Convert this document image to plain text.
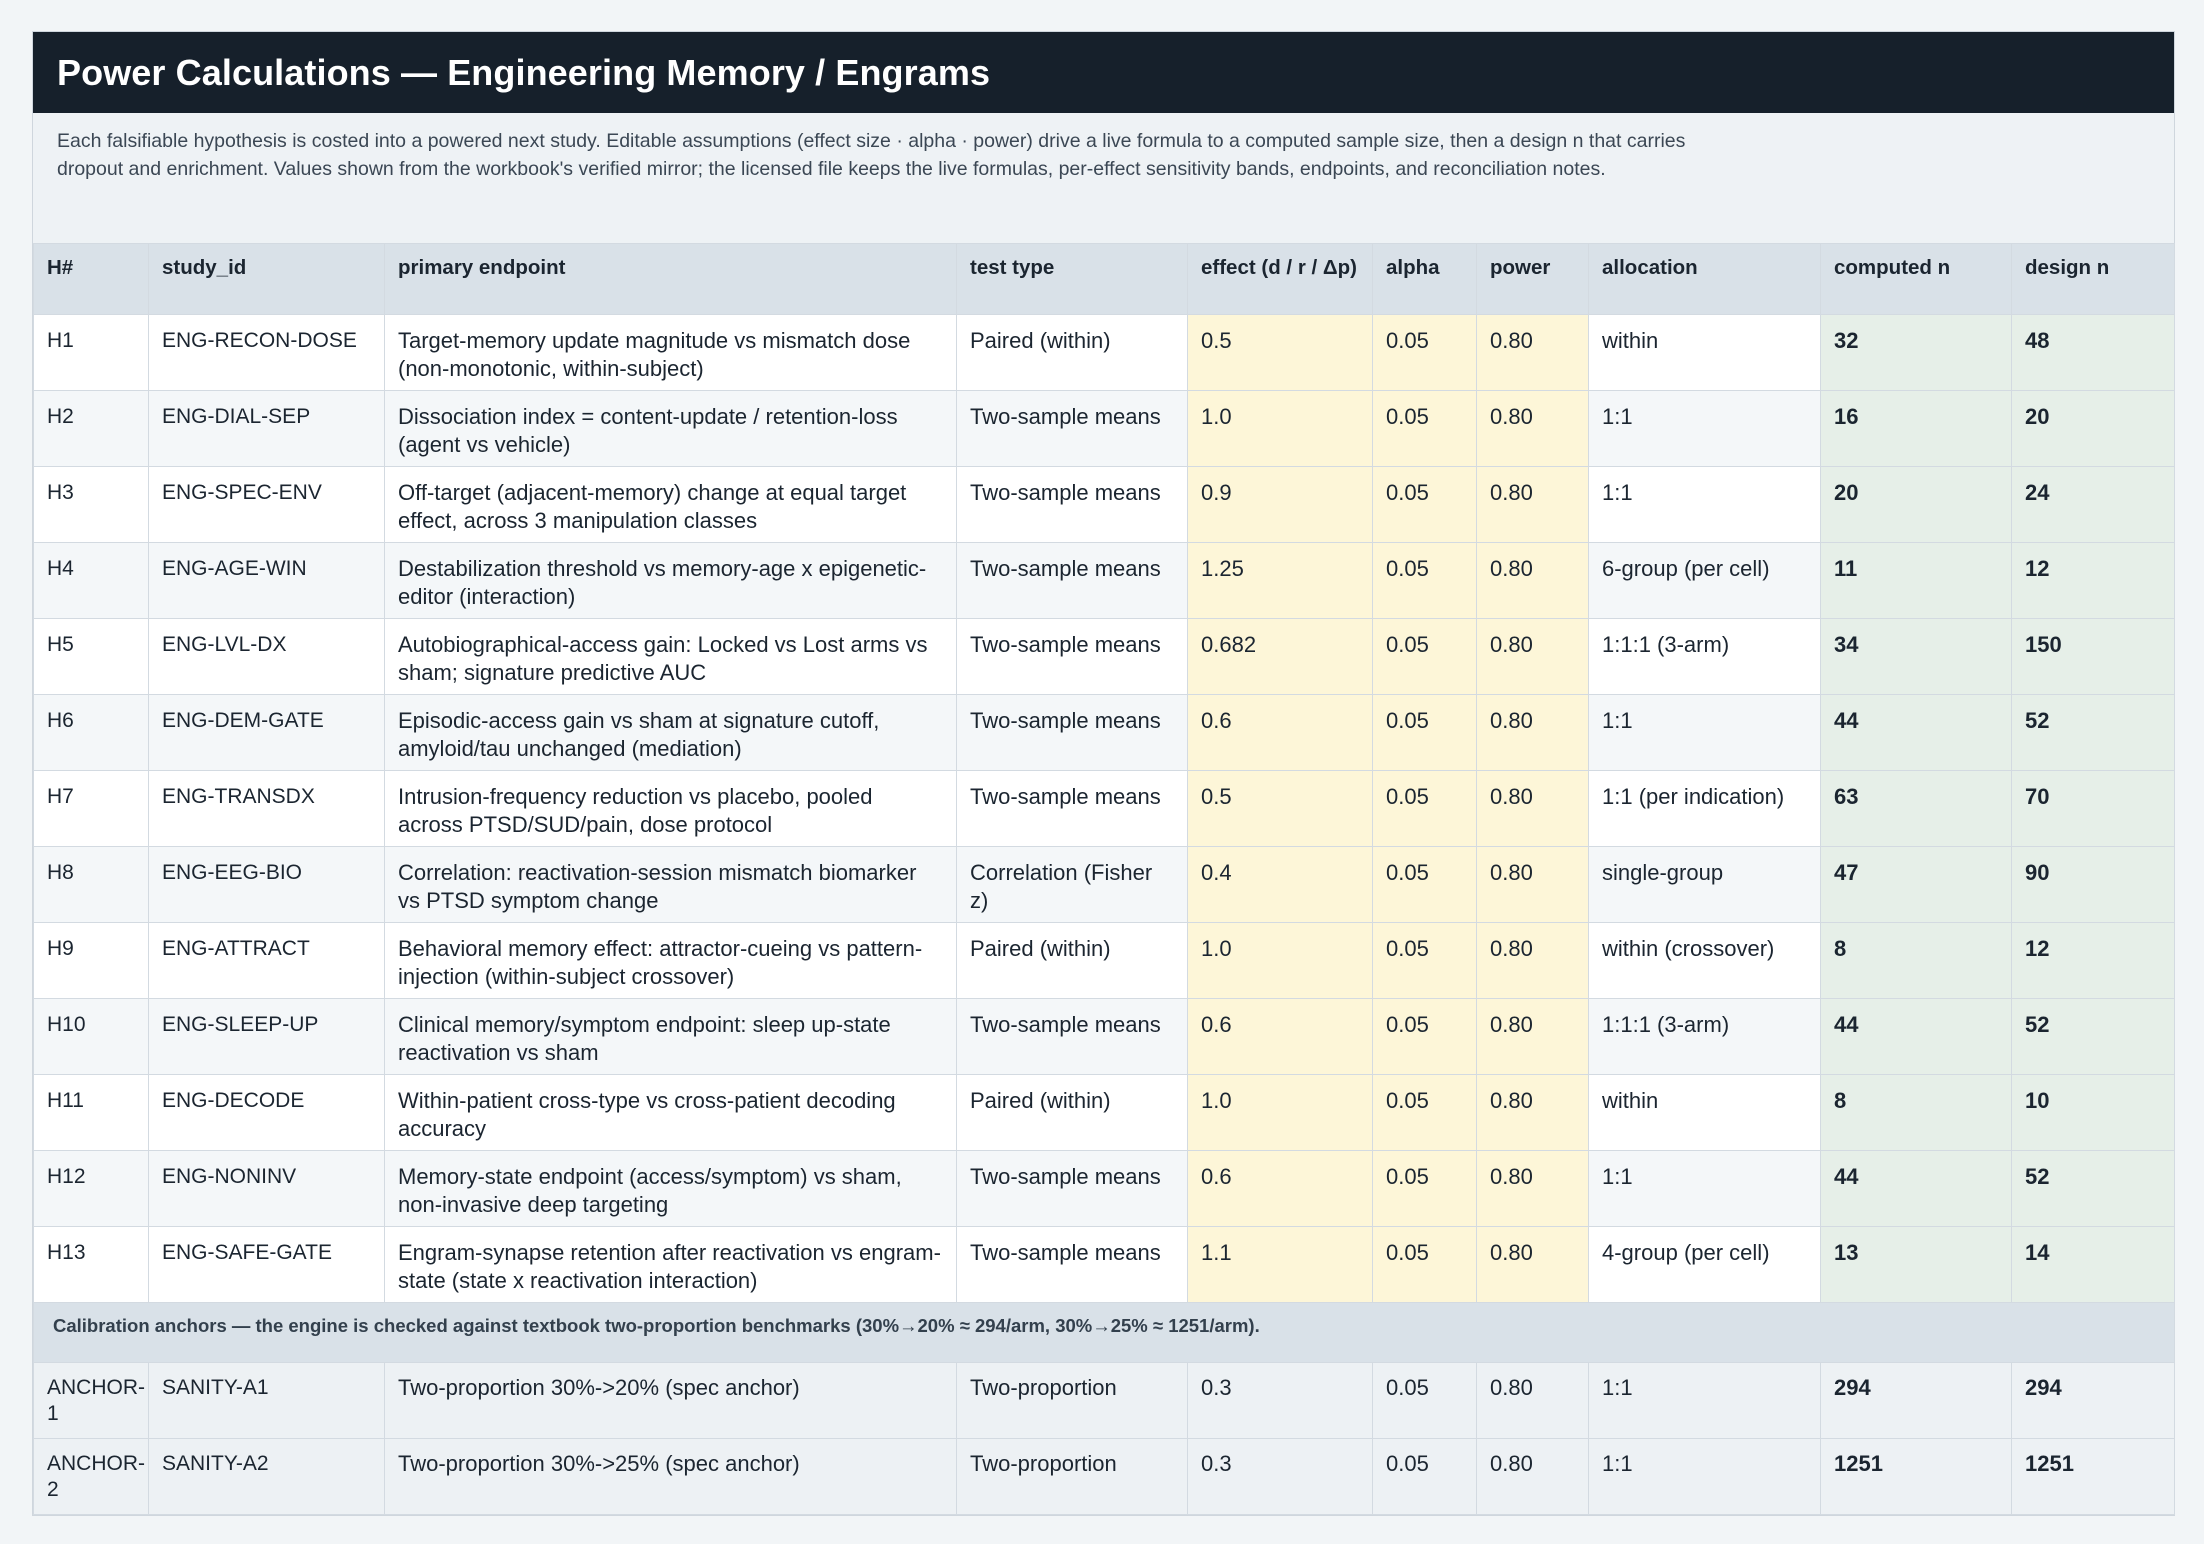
Power Calculations — Engineering Memory / Engrams
Each falsifiable hypothesis is costed into a powered next study. Editable assumptions (effect size · alpha · power) drive a live formula to a computed sample size, then a design n that carries dropout and enrichment. Values shown from the workbook's verified mirror; the licensed file keeps the live formulas, per-effect sensitivity bands, endpoints, and reconciliation notes.
H#	study_id	primary endpoint	test type	effect (d / r / Δp)	alpha	power	allocation	computed n	design n
H1	ENG-RECON-DOSE	Target-memory update magnitude vs mismatch dose (non-monotonic, within-subject)	Paired (within)	0.5	0.05	0.80	within	32	48
H2	ENG-DIAL-SEP	Dissociation index = content-update / retention-loss (agent vs vehicle)	Two-sample means	1.0	0.05	0.80	1:1	16	20
H3	ENG-SPEC-ENV	Off-target (adjacent-memory) change at equal target effect, across 3 manipulation classes	Two-sample means	0.9	0.05	0.80	1:1	20	24
H4	ENG-AGE-WIN	Destabilization threshold vs memory-age x epigenetic-editor (interaction)	Two-sample means	1.25	0.05	0.80	6-group (per cell)	11	12
H5	ENG-LVL-DX	Autobiographical-access gain: Locked vs Lost arms vs sham; signature predictive AUC	Two-sample means	0.682	0.05	0.80	1:1:1 (3-arm)	34	150
H6	ENG-DEM-GATE	Episodic-access gain vs sham at signature cutoff, amyloid/tau unchanged (mediation)	Two-sample means	0.6	0.05	0.80	1:1	44	52
H7	ENG-TRANSDX	Intrusion-frequency reduction vs placebo, pooled across PTSD/SUD/pain, dose protocol	Two-sample means	0.5	0.05	0.80	1:1 (per indication)	63	70
H8	ENG-EEG-BIO	Correlation: reactivation-session mismatch biomarker vs PTSD symptom change	Correlation (Fisher z)	0.4	0.05	0.80	single-group	47	90
H9	ENG-ATTRACT	Behavioral memory effect: attractor-cueing vs pattern-injection (within-subject crossover)	Paired (within)	1.0	0.05	0.80	within (crossover)	8	12
H10	ENG-SLEEP-UP	Clinical memory/symptom endpoint: sleep up-state reactivation vs sham	Two-sample means	0.6	0.05	0.80	1:1:1 (3-arm)	44	52
H11	ENG-DECODE	Within-patient cross-type vs cross-patient decoding accuracy	Paired (within)	1.0	0.05	0.80	within	8	10
H12	ENG-NONINV	Memory-state endpoint (access/symptom) vs sham, non-invasive deep targeting	Two-sample means	0.6	0.05	0.80	1:1	44	52
H13	ENG-SAFE-GATE	Engram-synapse retention after reactivation vs engram-state (state x reactivation interaction)	Two-sample means	1.1	0.05	0.80	4-group (per cell)	13	14
Calibration anchors — the engine is checked against textbook two-proportion benchmarks (30%→20% ≈ 294/arm, 30%→25% ≈ 1251/arm).									
ANCHOR-1	SANITY-A1	Two-proportion 30%->20% (spec anchor)	Two-proportion	0.3	0.05	0.80	1:1	294	294
ANCHOR-2	SANITY-A2	Two-proportion 30%->25% (spec anchor)	Two-proportion	0.3	0.05	0.80	1:1	1251	1251
